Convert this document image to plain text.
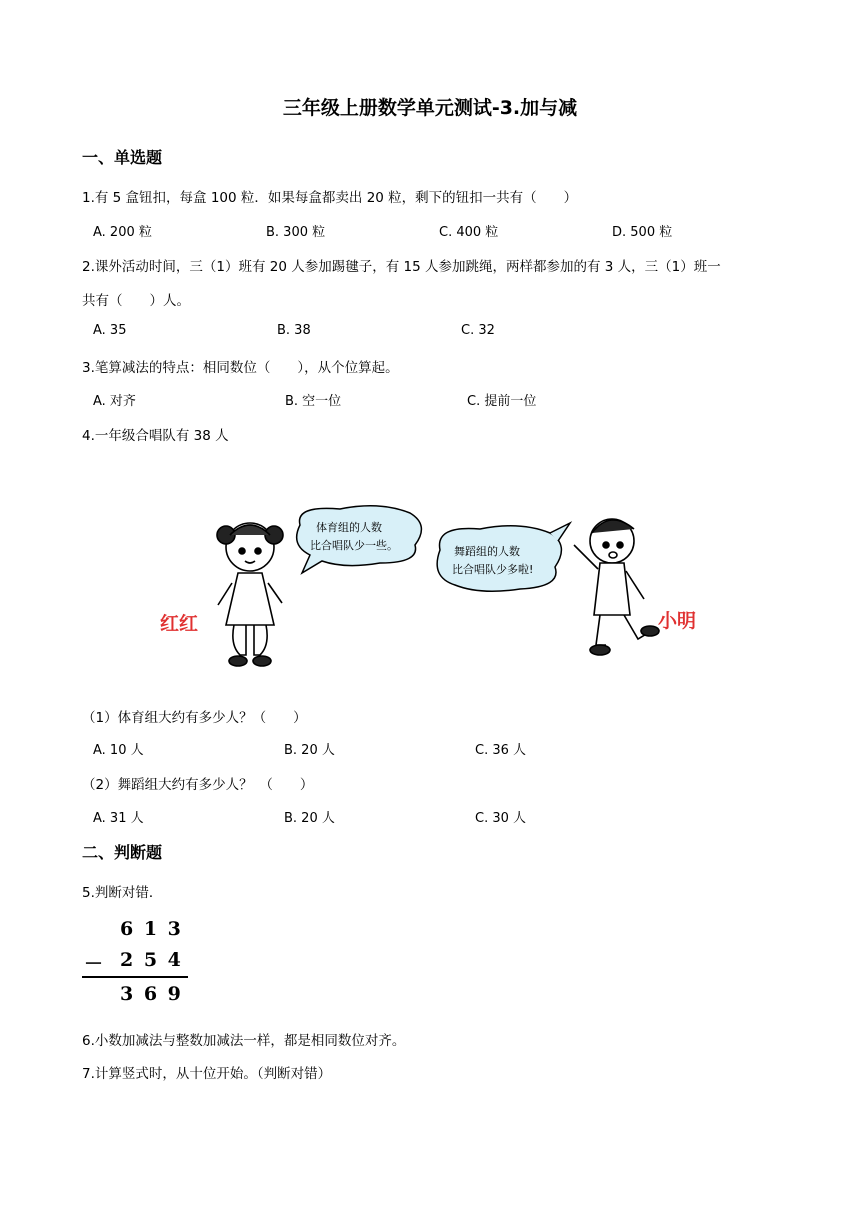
三年级上册数学单元测试-3.加与减
一、单选题
1.有 5 盒钮扣，每盒 100 粒．如果每盒都卖出 20 粒，剩下的钮扣一共有（　　）
A. 200 粒	B. 300 粒	C. 400 粒	D. 500 粒
2.课外活动时间，三（1）班有 20 人参加踢毽子，有 15 人参加跳绳，两样都参加的有 3 人，三（1）班一
共有（　　）人。
A. 35	B. 38	C. 32
3.笔算减法的特点：相同数位（　　），从个位算起。
A. 对齐	B. 空一位	C. 提前一位
4.一年级合唱队有 38 人
体育组的人数
比合唱队少一些。	舞蹈组的人数
比合唱队少多啦!
红红	小明
（1）体育组大约有多少人？（　　）
A. 10 人	B. 20 人	C. 36 人
（2）舞蹈组大约有多少人？　（　　）
A. 31 人	B. 20 人	C. 30 人
二、判断题
5.判断对错．
6 1 3
－ 2 5 4
3 6 9
6.小数加减法与整数加减法一样，都是相同数位对齐。
7.计算竖式时，从十位开始。（判断对错）
